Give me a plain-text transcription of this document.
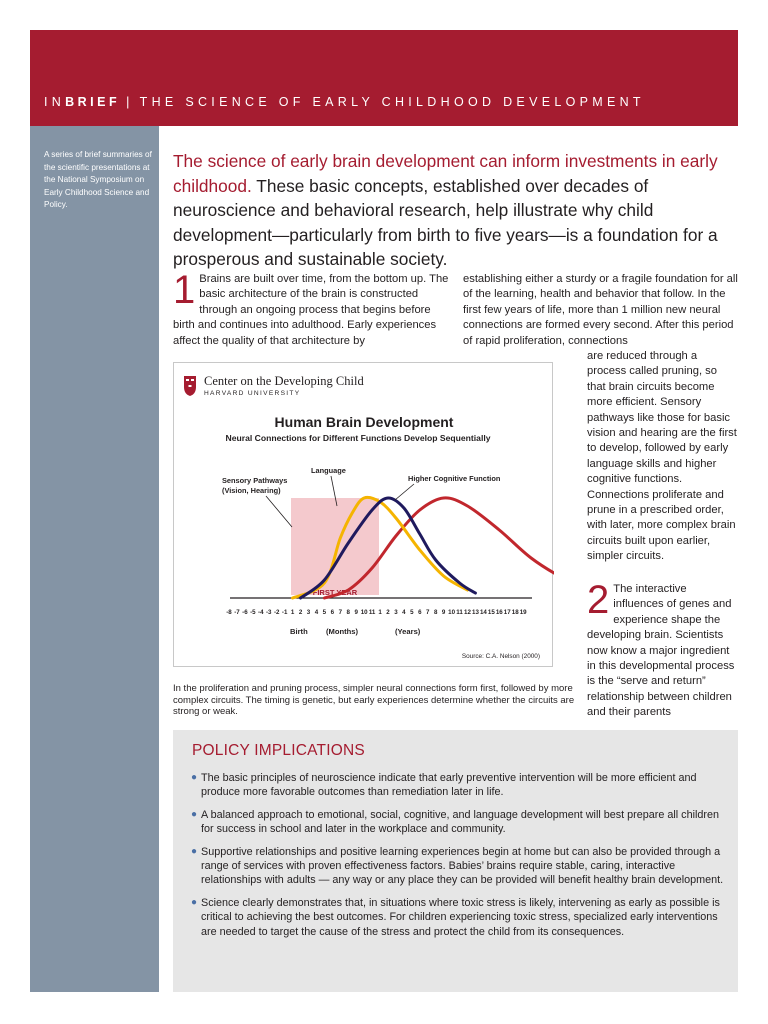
INBRIEF | THE SCIENCE OF EARLY CHILDHOOD DEVELOPMENT
A series of brief summaries of the scientific presentations at the National Symposium on Early Childhood Science and Policy.
The science of early brain development can inform investments in early childhood. These basic concepts, established over decades of neuroscience and behavioral research, help illustrate why child development—particularly from birth to five years—is a foundation for a prosperous and sustainable society.
1 Brains are built over time, from the bottom up. The basic architecture of the brain is constructed through an ongoing process that begins before birth and continues into adulthood. Early experiences affect the quality of that architecture by
establishing either a sturdy or a fragile foundation for all of the learning, health and behavior that follow. In the first few years of life, more than 1 million new neural connections are formed every second. After this period of rapid proliferation, connections
are reduced through a process called pruning, so that brain circuits become more efficient. Sensory pathways like those for basic vision and hearing are the first to develop, followed by early language skills and higher cognitive functions. Connections proliferate and prune in a prescribed order, with later, more complex brain circuits built upon earlier, simpler circuits.
2 The interactive influences of genes and experience shape the developing brain. Scientists now know a major ingredient in this developmental process is the “serve and return” relationship between children and their parents
Center on the Developing Child
HARVARD UNIVERSITY
Human Brain Development
Neural Connections for Different Functions Develop Sequentially
FIRST YEAR
Sensory Pathways
(Vision, Hearing)
Language
Higher Cognitive Function
-8 -7 -6 -5 -4 -3 -2 -1 1 2 3 4 5 6 7 8 9 10 11 1 2 3 4 5 6 7 8 9 10 11 12 13 14 15 16 17 18 19
Birth (Months)	(Years)
Source: C.A. Nelson (2000)
In the proliferation and pruning process, simpler neural connections form first, followed by more complex circuits. The timing is genetic, but early experiences determine whether the circuits are strong or weak.
POLICY IMPLICATIONS
● The basic principles of neuroscience indicate that early preventive intervention will be more efficient and produce more favorable outcomes than remediation later in life.
● A balanced approach to emotional, social, cognitive, and language development will best prepare all children for success in school and later in the workplace and community.
● Supportive relationships and positive learning experiences begin at home but can also be provided through a range of services with proven effectiveness factors. Babies’ brains require stable, caring, interactive relationships with adults — any way or any place they can be provided will benefit healthy brain development.
● Science clearly demonstrates that, in situations where toxic stress is likely, intervening as early as possible is critical to achieving the best outcomes. For children experiencing toxic stress, specialized early interventions are needed to target the cause of the stress and protect the child from its consequences.
